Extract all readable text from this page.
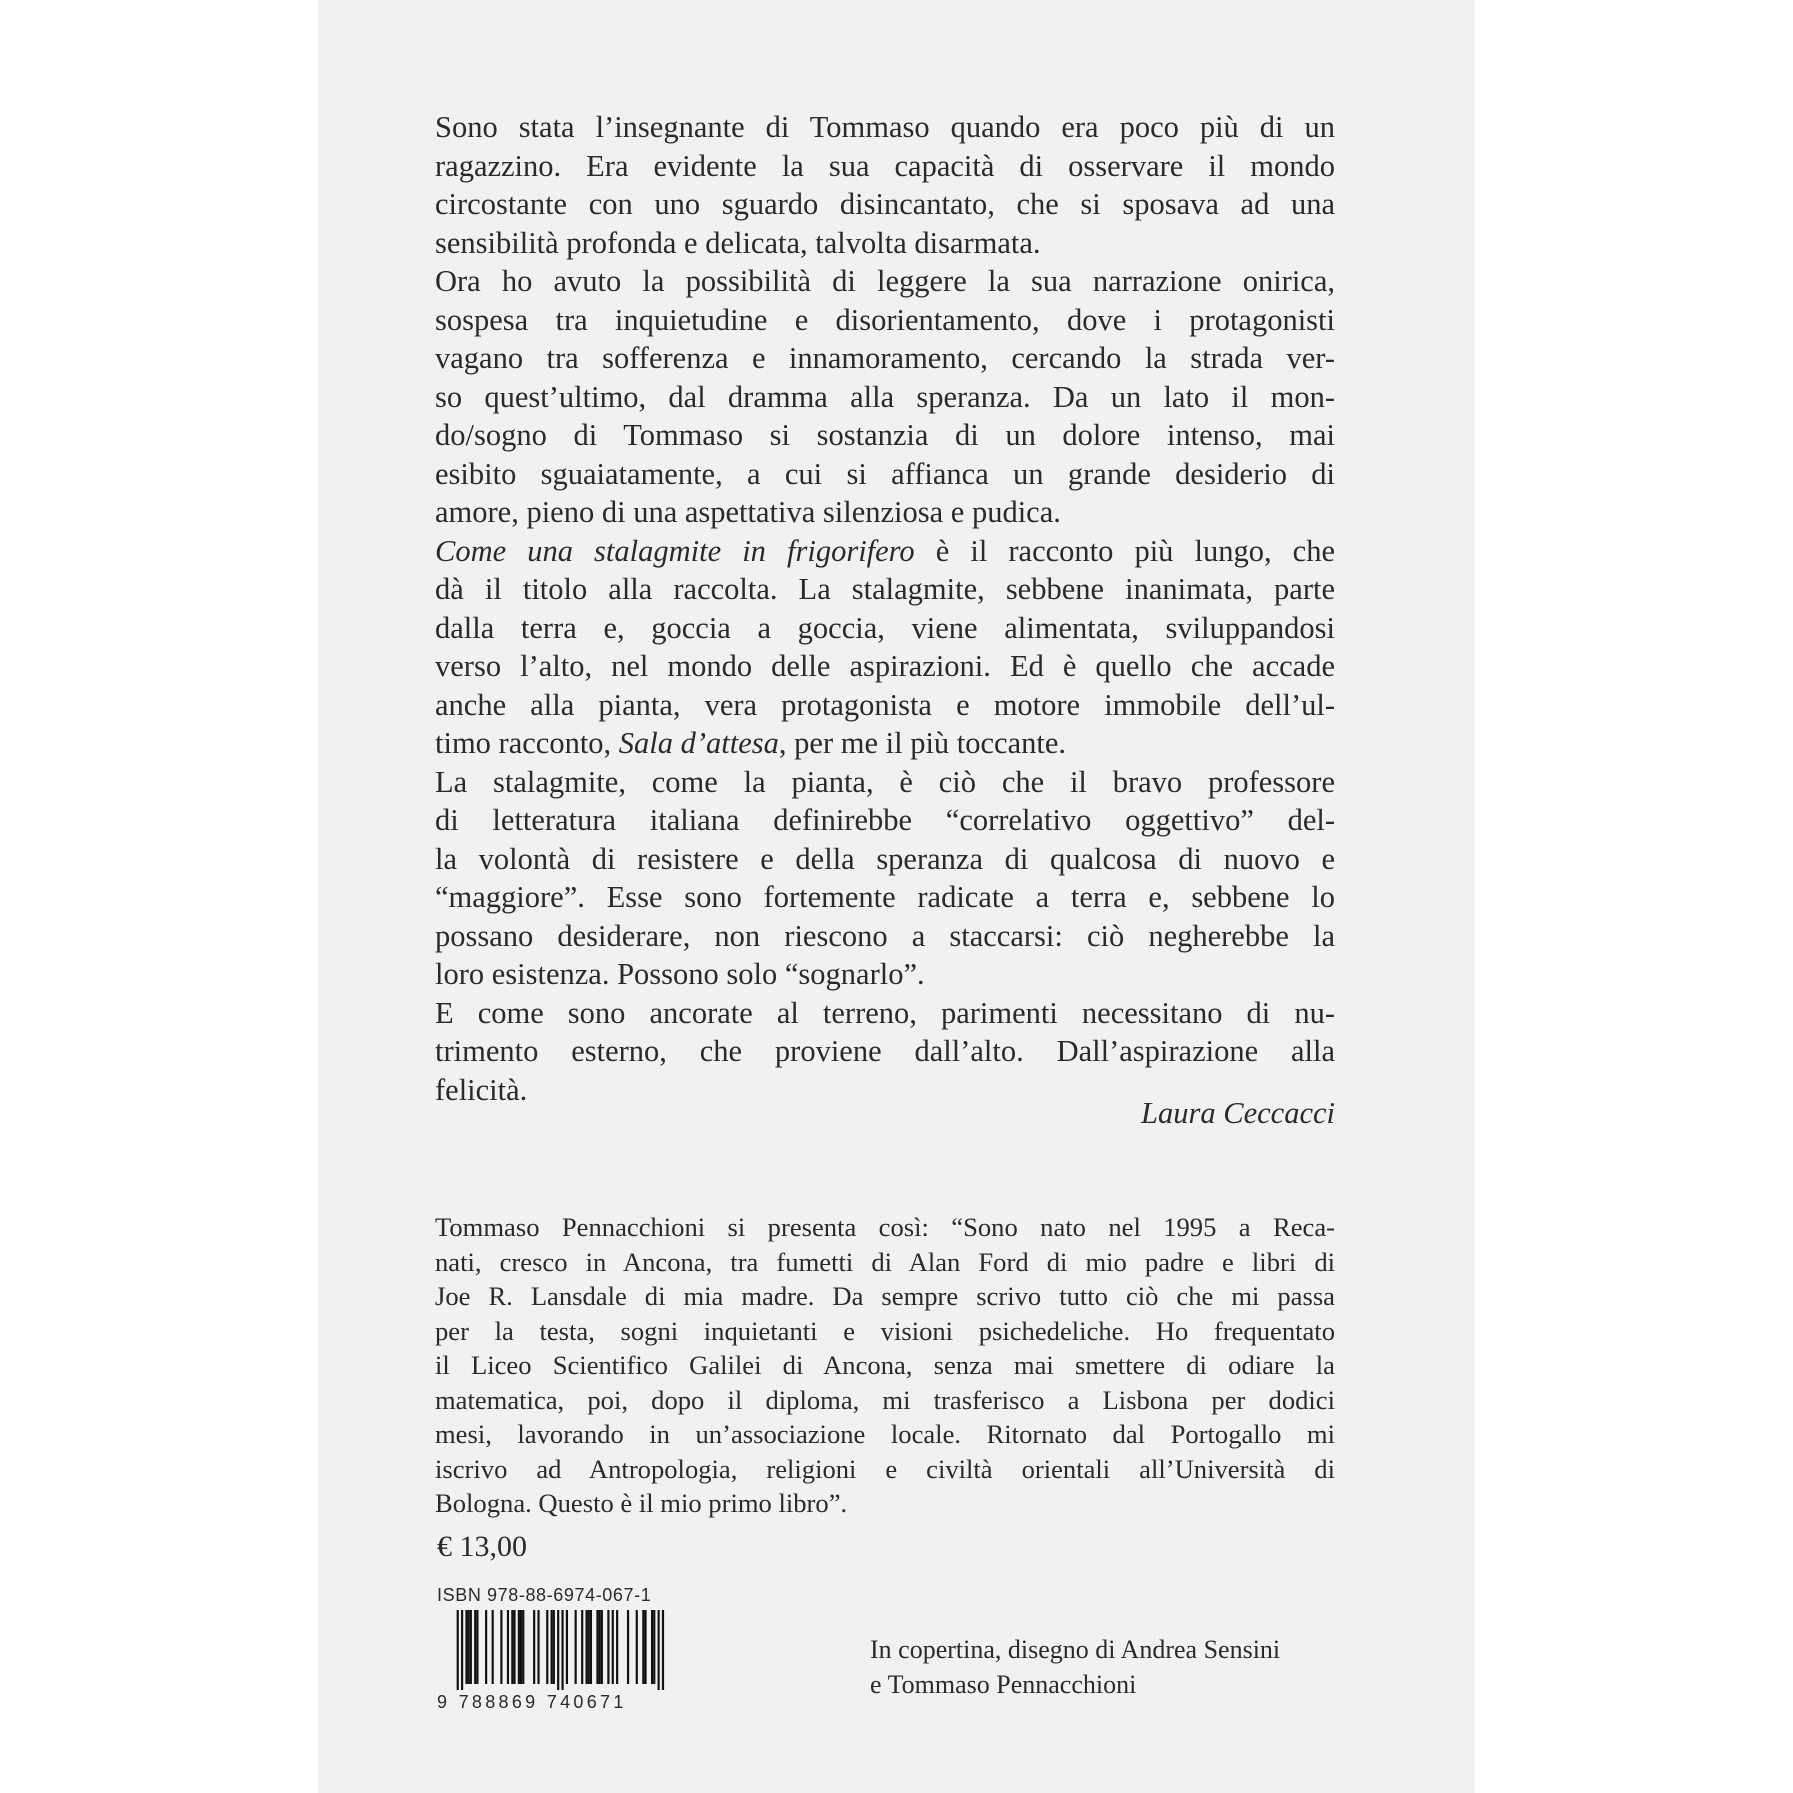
Sono stata l’insegnante di Tommaso quando era poco più di un

ragazzino. Era evidente la sua capacità di osservare il mondo

circostante con uno sguardo disincantato, che si sposava ad una

sensibilità profonda e delicata, talvolta disarmata.

Ora ho avuto la possibilità di leggere la sua narrazione onirica,

sospesa tra inquietudine e disorientamento, dove i protagonisti

vagano tra sofferenza e innamoramento, cercando la strada ver-

so quest’ultimo, dal dramma alla speranza. Da un lato il mon-

do/sogno di Tommaso si sostanzia di un dolore intenso, mai

esibito sguaiatamente, a cui si affianca un grande desiderio di

amore, pieno di una aspettativa silenziosa e pudica.

Come una stalagmite in frigorifero è il racconto più lungo, che

dà il titolo alla raccolta. La stalagmite, sebbene inanimata, parte

dalla terra e, goccia a goccia, viene alimentata, sviluppandosi

verso l’alto, nel mondo delle aspirazioni. Ed è quello che accade

anche alla pianta, vera protagonista e motore immobile dell’ul-

timo racconto, Sala d’attesa, per me il più toccante.

La stalagmite, come la pianta, è ciò che il bravo professore

di letteratura italiana definirebbe “correlativo oggettivo” del-

la volontà di resistere e della speranza di qualcosa di nuovo e

“maggiore”. Esse sono fortemente radicate a terra e, sebbene lo

possano desiderare, non riescono a staccarsi: ciò negherebbe la

loro esistenza. Possono solo “sognarlo”.

E come sono ancorate al terreno, parimenti necessitano di nu-

trimento esterno, che proviene dall’alto. Dall’aspirazione alla

felicità.

Laura Ceccacci

Tommaso Pennacchioni si presenta così: “Sono nato nel 1995 a Reca-

nati, cresco in Ancona, tra fumetti di Alan Ford di mio padre e libri di

Joe R. Lansdale di mia madre. Da sempre scrivo tutto ciò che mi passa

per la testa, sogni inquietanti e visioni psichedeliche. Ho frequentato

il Liceo Scientifico Galilei di Ancona, senza mai smettere di odiare la

matematica, poi, dopo il diploma, mi trasferisco a Lisbona per dodici

mesi, lavorando in un’associazione locale. Ritornato dal Portogallo mi

iscrivo ad Antropologia, religioni e civiltà orientali all’Università di

Bologna. Questo è il mio primo libro”.

€ 13,00
ISBN 978-88-6974-067-1
9 788869 740671
In copertina, disegno di Andrea Sensini
e Tommaso Pennacchioni
